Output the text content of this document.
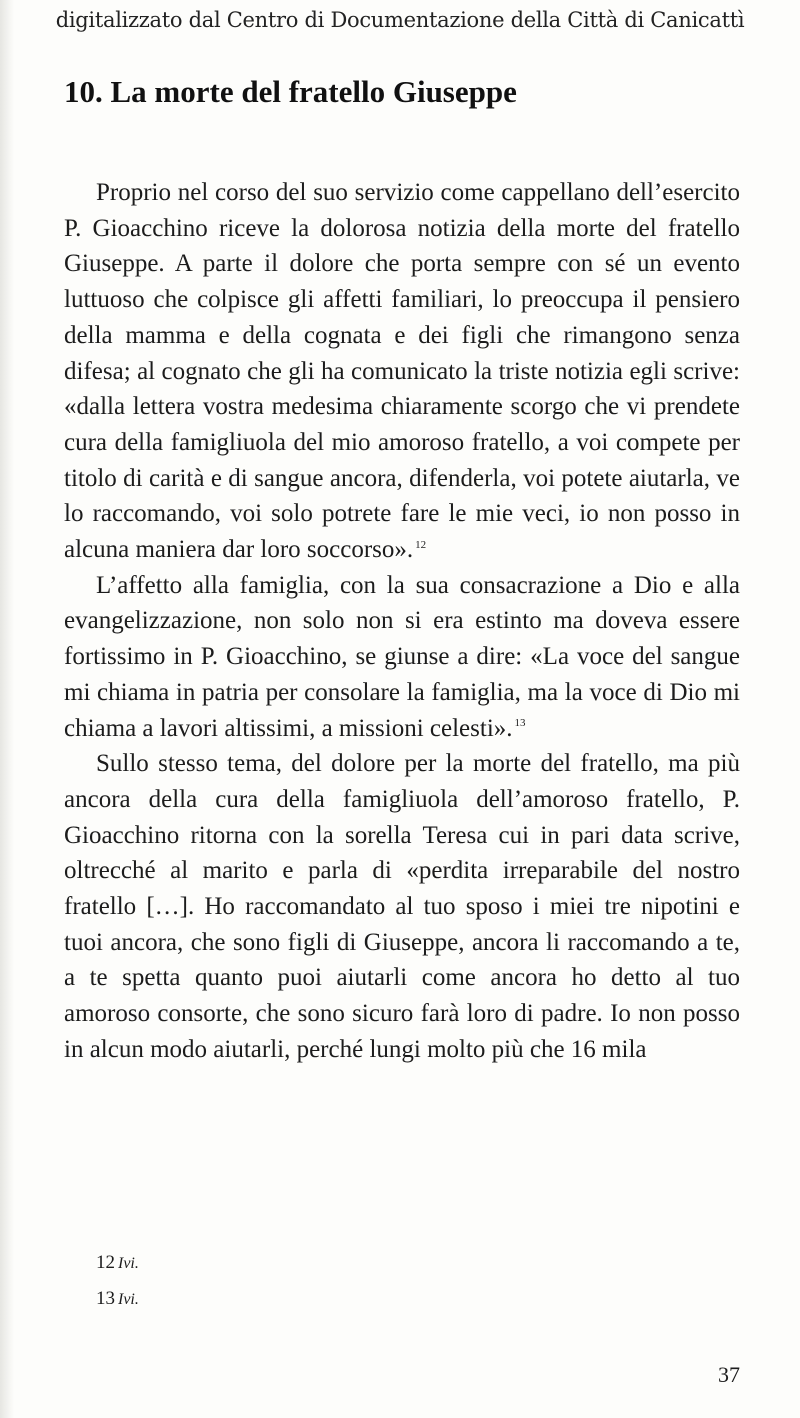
digitalizzato dal Centro di Documentazione della Città di Canicattì
10. La morte del fratello Giuseppe

Proprio nel corso del suo servizio come cappellano dell’esercito P. Gioacchino riceve la dolorosa notizia della morte del fratello Giuseppe. A parte il dolore che porta sempre con sé un evento luttuoso che colpisce gli affetti familiari, lo preoccupa il pensiero della mamma e della cognata e dei figli che rimangono senza difesa; al cognato che gli ha comunicato la triste notizia egli scrive: «dalla lettera vostra medesima chiaramente scorgo che vi prendete cura della famigliuola del mio amoroso fratello, a voi compete per titolo di carità e di sangue ancora, difenderla, voi potete aiutarla, ve lo raccomando, voi solo potrete fare le mie veci, io non posso in alcuna maniera dar loro soccorso». $^{12}$

L’affetto alla famiglia, con la sua consacrazione a Dio e alla evangelizzazione, non solo non si era estinto ma doveva essere fortissimo in P. Gioacchino, se giunse a dire: «La voce del sangue mi chiama in patria per consolare la famiglia, ma la voce di Dio mi chiama a lavori altissimi, a missioni celesti». $^{13}$

Sullo stesso tema, del dolore per la morte del fratello, ma più ancora della cura della famigliuola dell’amoroso fratello, P. Gioacchino ritorna con la sorella Teresa cui in pari data scrive, oltrecché al marito e parla di «perdita irreparabile del nostro fratello […]. Ho raccomandato al tuo sposo i miei tre nipotini e tuoi ancora, che sono figli di Giuseppe, ancora li raccomando a te, a te spetta quanto puoi aiutarli come ancora ho detto al tuo amoroso consorte, che sono sicuro farà loro di padre. Io non posso in alcun modo aiutarli, perché lungi molto più che 16 mila

12 Ivi.

13 Ivi.

37
